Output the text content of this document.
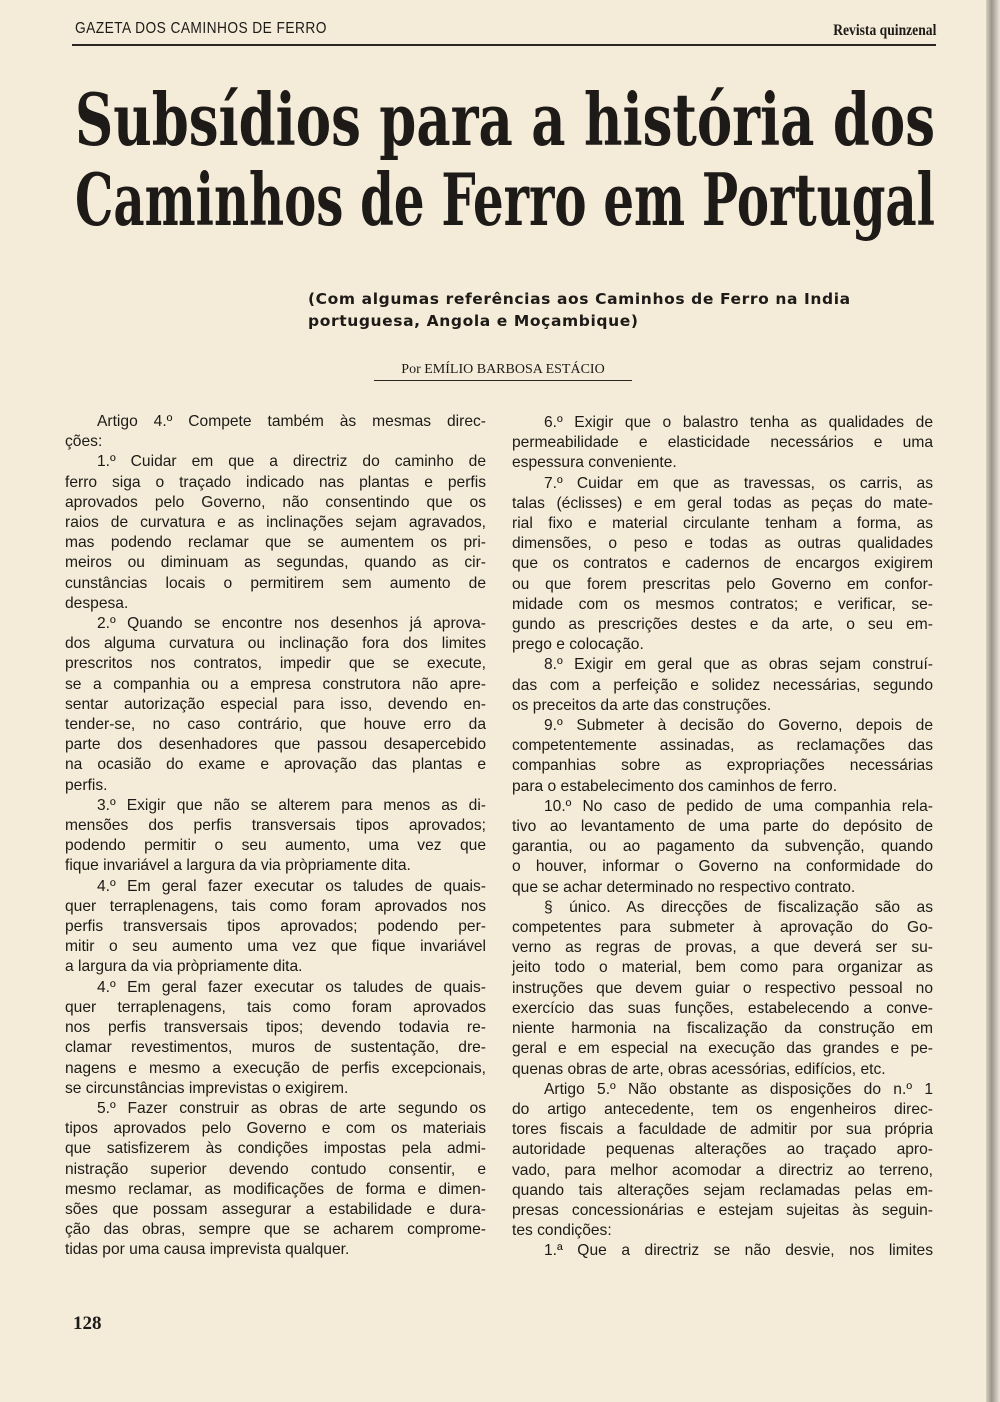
GAZETA DOS CAMINHOS DE FERRO	Revista quinzenal
Subsídios para a história dos
Caminhos de Ferro em Portugal
(Com algumas referências aos Caminhos de Ferro na India
portuguesa, Angola e Moçambique)
Por EMÍLIO BARBOSA ESTÁCIO
Artigo 4.º Compete também às mesmas direc-
ções:
1.º Cuidar em que a directriz do caminho de
ferro siga o traçado indicado nas plantas e perfis
aprovados pelo Governo, não consentindo que os
raios de curvatura e as inclinações sejam agravados,
mas podendo reclamar que se aumentem os pri-
meiros ou diminuam as segundas, quando as cir-
cunstâncias locais o permitirem sem aumento de
despesa.
2.º Quando se encontre nos desenhos já aprova-
dos alguma curvatura ou inclinação fora dos limites
prescritos nos contratos, impedir que se execute,
se a companhia ou a empresa construtora não apre-
sentar autorização especial para isso, devendo en-
tender-se, no caso contrário, que houve erro da
parte dos desenhadores que passou desapercebido
na ocasião do exame e aprovação das plantas e
perfis.
3.º Exigir que não se alterem para menos as di-
mensões dos perfis transversais tipos aprovados;
podendo permitir o seu aumento, uma vez que
fique invariável a largura da via pròpriamente dita.
4.º Em geral fazer executar os taludes de quais-
quer terraplenagens, tais como foram aprovados nos
perfis transversais tipos aprovados; podendo per-
mitir o seu aumento uma vez que fique invariável
a largura da via pròpriamente dita.
4.º Em geral fazer executar os taludes de quais-
quer terraplenagens, tais como foram aprovados
nos perfis transversais tipos; devendo todavia re-
clamar revestimentos, muros de sustentação, dre-
nagens e mesmo a execução de perfis excepcionais,
se circunstâncias imprevistas o exigirem.
5.º Fazer construir as obras de arte segundo os
tipos aprovados pelo Governo e com os materiais
que satisfizerem às condições impostas pela admi-
nistração superior devendo contudo consentir, e
mesmo reclamar, as modificações de forma e dimen-
sões que possam assegurar a estabilidade e dura-
ção das obras, sempre que se acharem comprome-
tidas por uma causa imprevista qualquer.
6.º Exigir que o balastro tenha as qualidades de
permeabilidade e elasticidade necessários e uma
espessura conveniente.
7.º Cuidar em que as travessas, os carris, as
talas (éclisses) e em geral todas as peças do mate-
rial fixo e material circulante tenham a forma, as
dimensões, o peso e todas as outras qualidades
que os contratos e cadernos de encargos exigirem
ou que forem prescritas pelo Governo em confor-
midade com os mesmos contratos; e verificar, se-
gundo as prescrições destes e da arte, o seu em-
prego e colocação.
8.º Exigir em geral que as obras sejam construí-
das com a perfeição e solidez necessárias, segundo
os preceitos da arte das construções.
9.º Submeter à decisão do Governo, depois de
competentemente assinadas, as reclamações das
companhias sobre as expropriações necessárias
para o estabelecimento dos caminhos de ferro.
10.º No caso de pedido de uma companhia rela-
tivo ao levantamento de uma parte do depósito de
garantia, ou ao pagamento da subvenção, quando
o houver, informar o Governo na conformidade do
que se achar determinado no respectivo contrato.
§ único. As direcções de fiscalização são as
competentes para submeter à aprovação do Go-
verno as regras de provas, a que deverá ser su-
jeito todo o material, bem como para organizar as
instruções que devem guiar o respectivo pessoal no
exercício das suas funções, estabelecendo a conve-
niente harmonia na fiscalização da construção em
geral e em especial na execução das grandes e pe-
quenas obras de arte, obras acessórias, edifícios, etc.
Artigo 5.º Não obstante as disposições do n.º 1
do artigo antecedente, tem os engenheiros direc-
tores fiscais a faculdade de admitir por sua própria
autoridade pequenas alterações ao traçado apro-
vado, para melhor acomodar a directriz ao terreno,
quando tais alterações sejam reclamadas pelas em-
presas concessionárias e estejam sujeitas às seguin-
tes condições:
1.ª Que a directriz se não desvie, nos limites
128
